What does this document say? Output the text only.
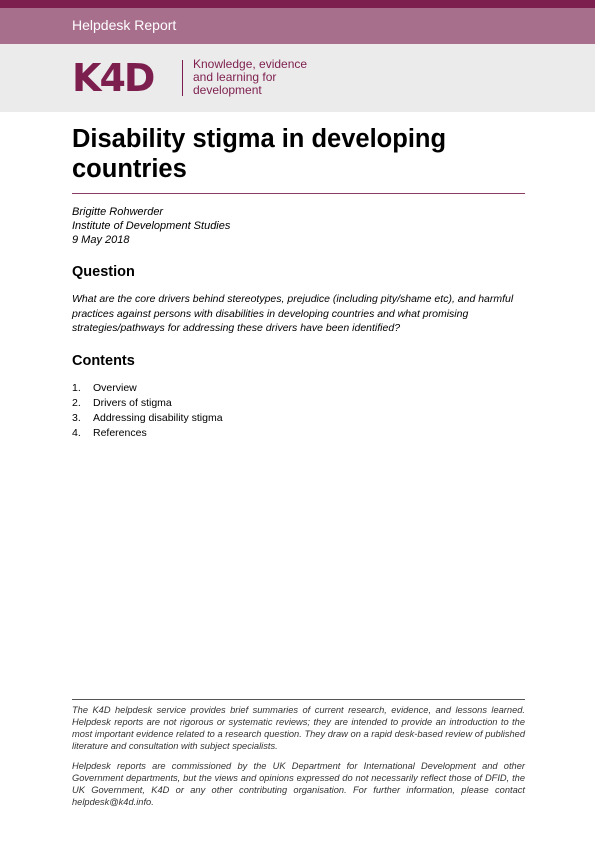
Helpdesk Report
K4D	Knowledge, evidence
and learning for
development
Disability stigma in developing countries
Brigitte Rohwerder
Institute of Development Studies
9 May 2018
Question

What are the core drivers behind stereotypes, prejudice (including pity/shame etc), and harmful practices against persons with disabilities in developing countries and what promising strategies/pathways for addressing these drivers have been identified?

Contents
1.	Overview
2.	Drivers of stigma
3.	Addressing disability stigma
4.	References

The K4D helpdesk service provides brief summaries of current research, evidence, and lessons learned. Helpdesk reports are not rigorous or systematic reviews; they are intended to provide an introduction to the most important evidence related to a research question. They draw on a rapid desk-based review of published literature and consultation with subject specialists.

Helpdesk reports are commissioned by the UK Department for International Development and other Government departments, but the views and opinions expressed do not necessarily reflect those of DFID, the UK Government, K4D or any other contributing organisation. For further information, please contact helpdesk@k4d.info.
